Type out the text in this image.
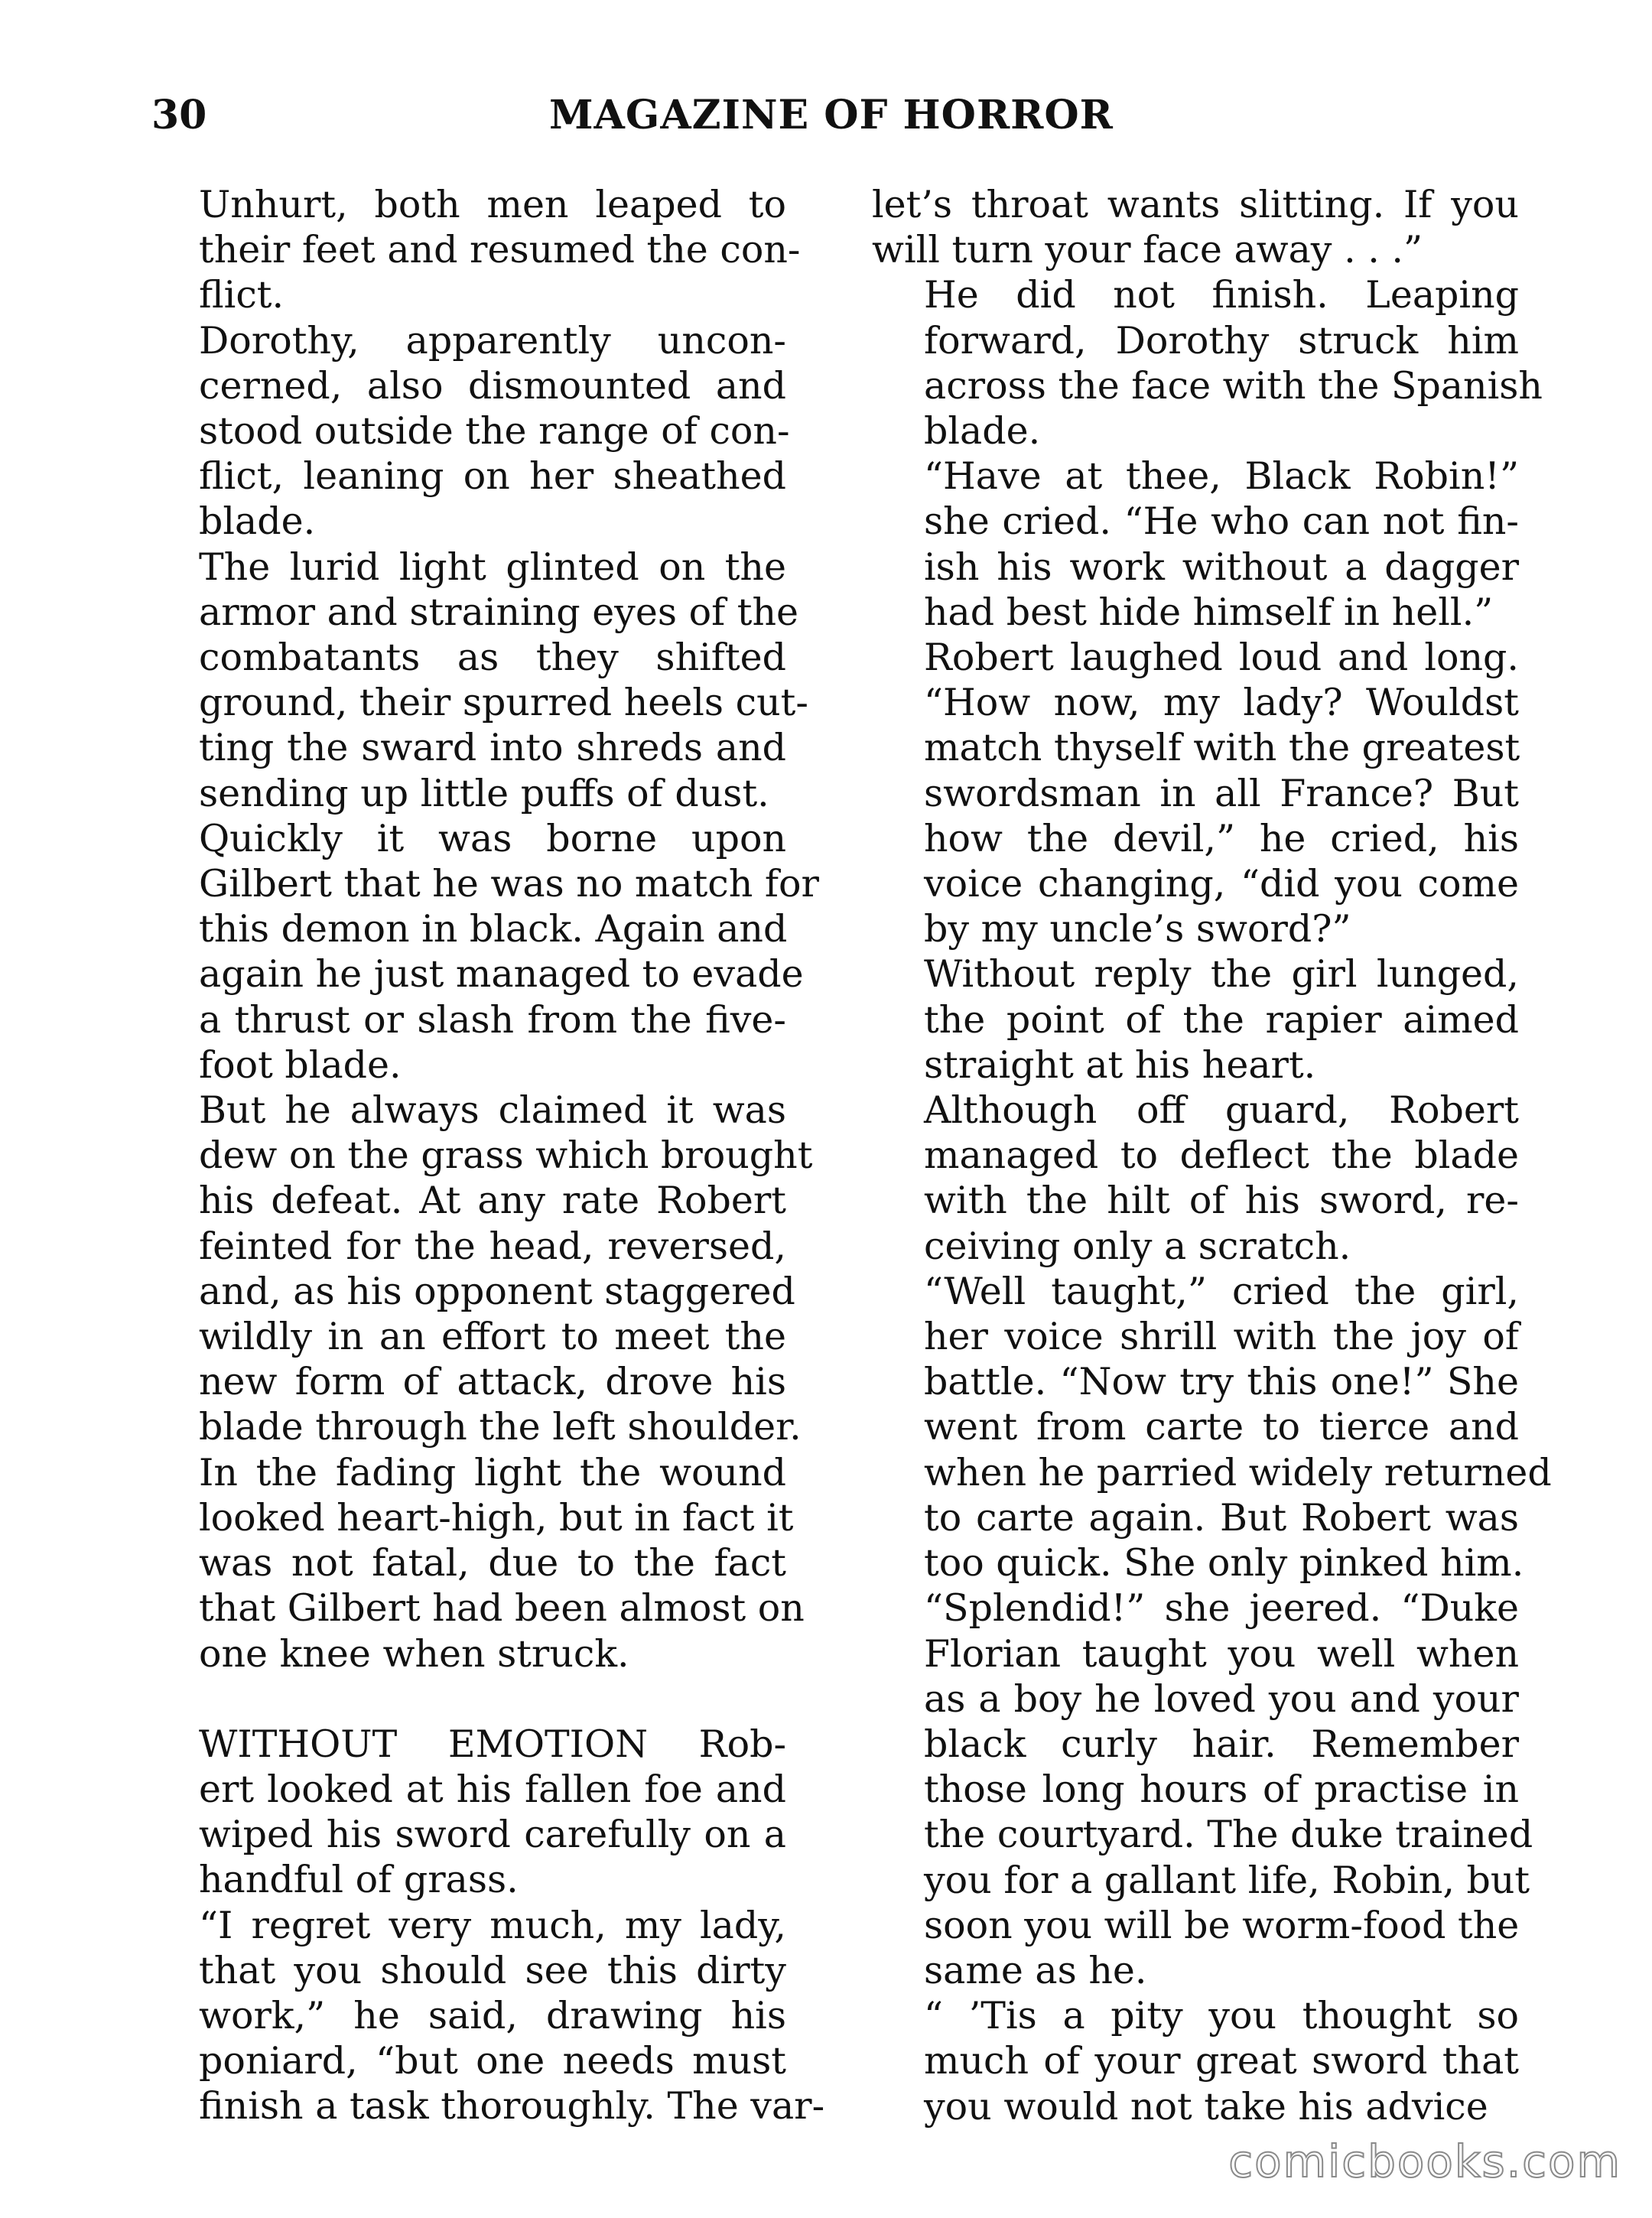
30	MAGAZINE OF HORROR

Unhurt, both men leaped to
their feet and resumed the con-
flict.

Dorothy, apparently uncon-
cerned, also dismounted and
stood outside the range of con-
flict, leaning on her sheathed
blade.

The lurid light glinted on the
armor and straining eyes of the
combatants as they shifted
ground, their spurred heels cut-
ting the sward into shreds and
sending up little puffs of dust.

Quickly it was borne upon
Gilbert that he was no match for
this demon in black. Again and
again he just managed to evade
a thrust or slash from the five-
foot blade.

But he always claimed it was
dew on the grass which brought
his defeat. At any rate Robert
feinted for the head, reversed,
and, as his opponent staggered
wildly in an effort to meet the
new form of attack, drove his
blade through the left shoulder.
In the fading light the wound
looked heart-high, but in fact it
was not fatal, due to the fact
that Gilbert had been almost on
one knee when struck.

WITHOUT EMOTION Rob-
ert looked at his fallen foe and
wiped his sword carefully on a
handful of grass.

“I regret very much, my lady,
that you should see this dirty
work,” he said, drawing his
poniard, “but one needs must
finish a task thoroughly. The var-

let’s throat wants slitting. If you
will turn your face away . . .”

He did not finish. Leaping
forward, Dorothy struck him
across the face with the Spanish
blade.

“Have at thee, Black Robin!”
she cried. “He who can not fin-
ish his work without a dagger
had best hide himself in hell.”

Robert laughed loud and long.
“How now, my lady? Wouldst
match thyself with the greatest
swordsman in all France? But
how the devil,” he cried, his
voice changing, “did you come
by my uncle’s sword?”

Without reply the girl lunged,
the point of the rapier aimed
straight at his heart.

Although off guard, Robert
managed to deflect the blade
with the hilt of his sword, re-
ceiving only a scratch.

“Well taught,” cried the girl,
her voice shrill with the joy of
battle. “Now try this one!” She
went from carte to tierce and
when he parried widely returned
to carte again. But Robert was
too quick. She only pinked him.

“Splendid!” she jeered. “Duke
Florian taught you well when
as a boy he loved you and your
black curly hair. Remember
those long hours of practise in
the courtyard. The duke trained
you for a gallant life, Robin, but
soon you will be worm-food the
same as he.

“ ’Tis a pity you thought so
much of your great sword that
you would not take his advice

comicbooks.com
